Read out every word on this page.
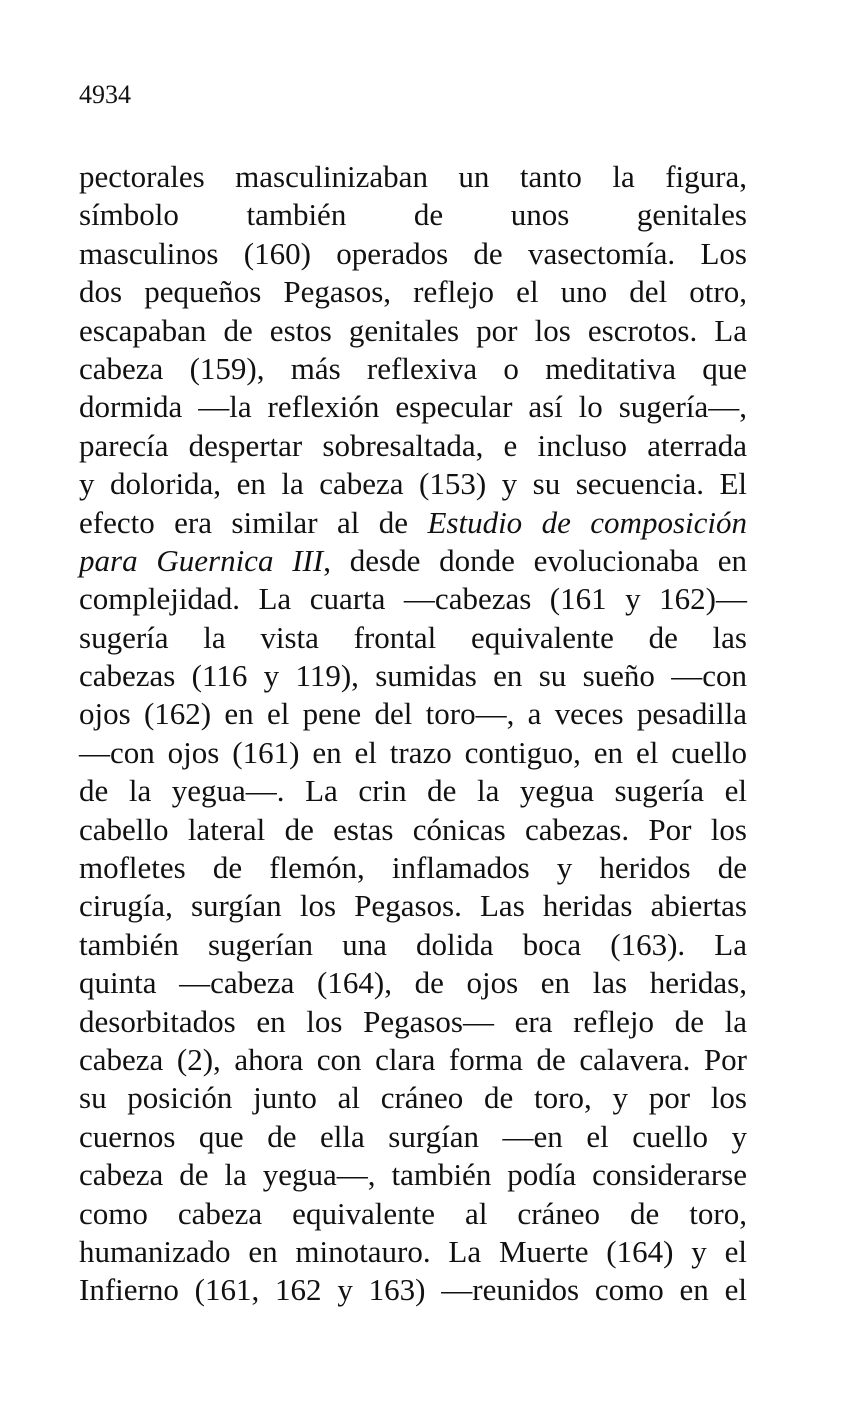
4934
pectorales masculinizaban un tanto la figura,
símbolo también de unos genitales
masculinos (160) operados de vasectomía. Los
dos pequeños Pegasos, reflejo el uno del otro,
escapaban de estos genitales por los escrotos. La
cabeza (159), más reflexiva o meditativa que
dormida —la reflexión especular así lo sugería—,
parecía despertar sobresaltada, e incluso aterrada
y dolorida, en la cabeza (153) y su secuencia. El
efecto era similar al de Estudio de composición
para Guernica III, desde donde evolucionaba en
complejidad. La cuarta —cabezas (161 y 162)—
sugería la vista frontal equivalente de las
cabezas (116 y 119), sumidas en su sueño —con
ojos (162) en el pene del toro—, a veces pesadilla
—con ojos (161) en el trazo contiguo, en el cuello
de la yegua—. La crin de la yegua sugería el
cabello lateral de estas cónicas cabezas. Por los
mofletes de flemón, inflamados y heridos de
cirugía, surgían los Pegasos. Las heridas abiertas
también sugerían una dolida boca (163). La
quinta —cabeza (164), de ojos en las heridas,
desorbitados en los Pegasos— era reflejo de la
cabeza (2), ahora con clara forma de calavera. Por
su posición junto al cráneo de toro, y por los
cuernos que de ella surgían —en el cuello y
cabeza de la yegua—, también podía considerarse
como cabeza equivalente al cráneo de toro,
humanizado en minotauro. La Muerte (164) y el
Infierno (161, 162 y 163) —reunidos como en el
